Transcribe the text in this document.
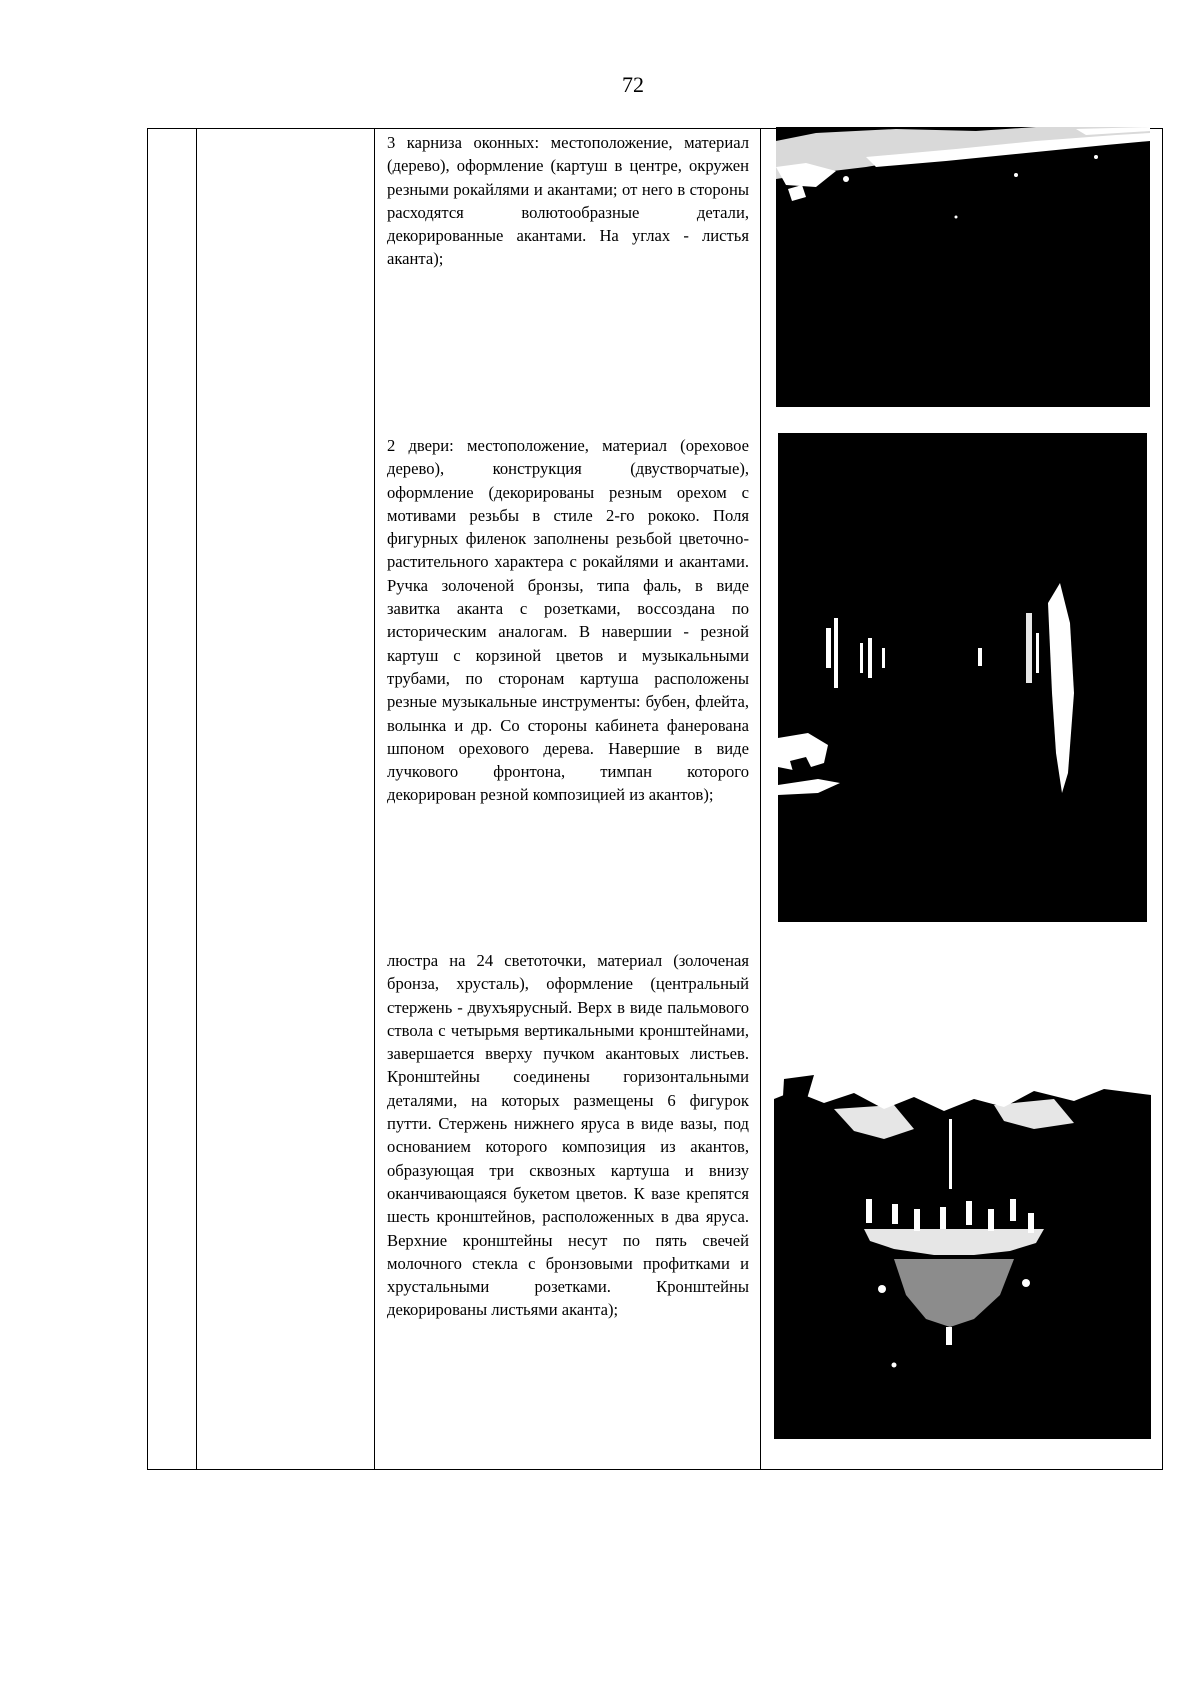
72

3 карниза оконных: местоположение, материал (дерево), оформление (картуш в центре, окружен резными рокайлями и акантами; от него в стороны расходятся волютообразные детали, декорированные акантами. На углах - листья аканта);

2 двери: местоположение, материал (ореховое дерево), конструкция (двустворчатые), оформление (декорированы резным орехом с мотивами резьбы в стиле 2-го рококо. Поля фигурных филенок заполнены резьбой цветочно-растительного характера с рокайлями и акантами. Ручка золоченой бронзы, типа фаль, в виде завитка аканта с розетками, воссоздана по историческим аналогам. В навершии - резной картуш с корзиной цветов и музыкальными трубами, по сторонам картуша расположены резные музыкальные инструменты: бубен, флейта, волынка и др. Со стороны кабинета фанерована шпоном орехового дерева. Навершие в виде лучкового фронтона, тимпан которого декорирован резной композицией из акантов);

люстра на 24 светоточки, материал (золоченая бронза, хрусталь), оформление (центральный стержень - двухъярусный. Верх в виде пальмового ствола с четырьмя вертикальными кронштейнами, завершается вверху пучком акантовых листьев. Кронштейны соединены горизонтальными деталями, на которых размещены 6 фигурок путти. Стержень нижнего яруса в виде вазы, под основанием которого композиция из акантов, образующая три сквозных картуша и внизу оканчивающаяся букетом цветов. К вазе крепятся шесть кронштейнов, расположенных в два яруса. Верхние кронштейны несут по пять свечей молочного стекла с бронзовыми профитками и хрустальными розетками. Кронштейны декорированы листьями аканта);
